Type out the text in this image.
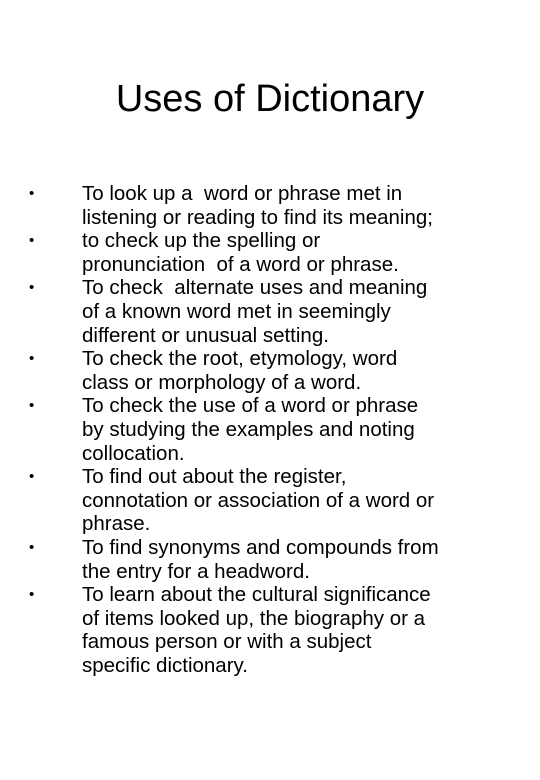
Uses of Dictionary
•	To look up a  word or phrase met in
listening or reading to find its meaning;
•	to check up the spelling or
pronunciation  of a word or phrase.
•	To check  alternate uses and meaning
of a known word met in seemingly
different or unusual setting.
•	To check the root, etymology, word
class or morphology of a word.
•	To check the use of a word or phrase
by studying the examples and noting
collocation.
•	To find out about the register,
connotation or association of a word or
phrase.
•	To find synonyms and compounds from
the entry for a headword.
•	To learn about the cultural significance
of items looked up, the biography or a
famous person or with a subject
specific dictionary.
